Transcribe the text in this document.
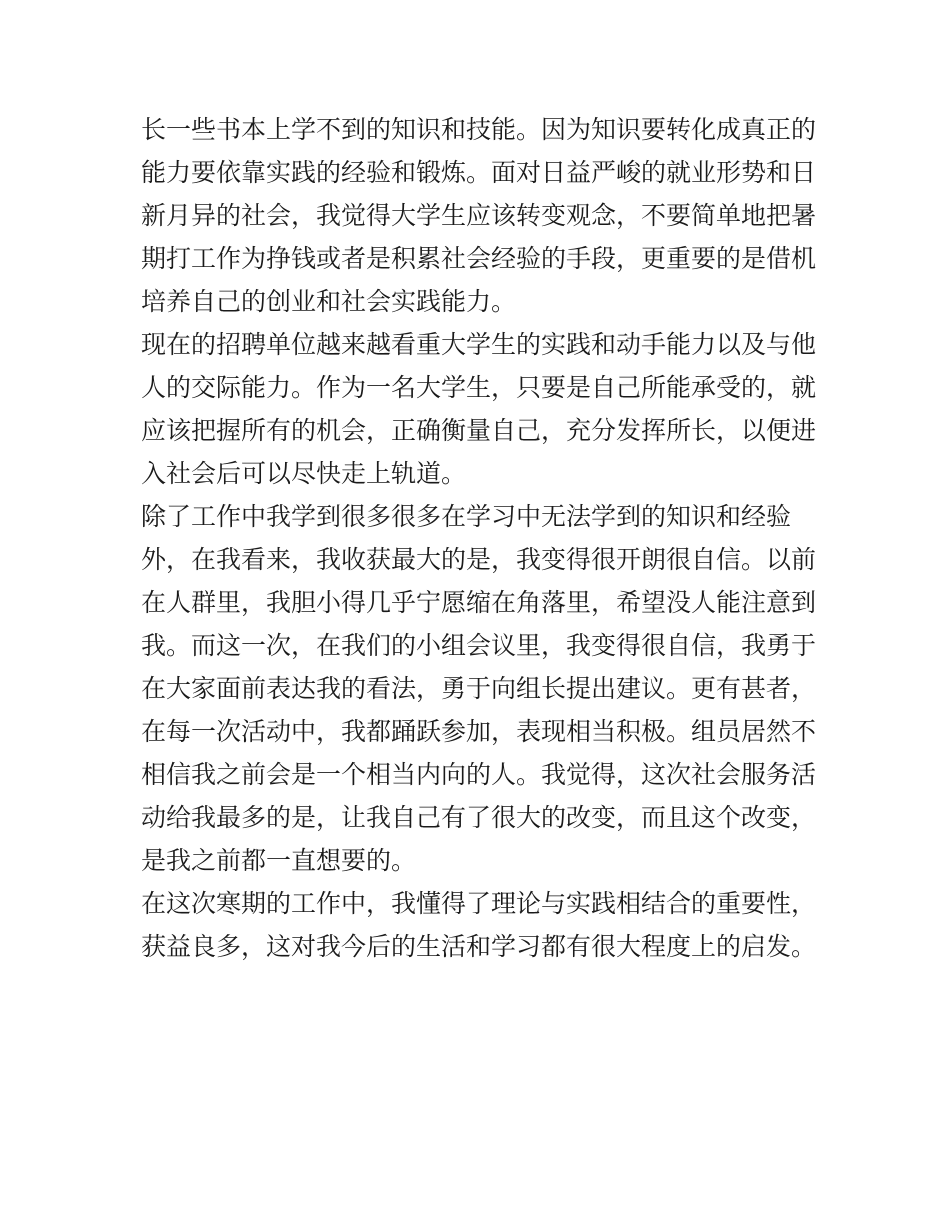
长一些书本上学不到的知识和技能。因为知识要转化成真正的
能力要依靠实践的经验和锻炼。面对日益严峻的就业形势和日
新月异的社会，我觉得大学生应该转变观念，不要简单地把暑
期打工作为挣钱或者是积累社会经验的手段，更重要的是借机
培养自己的创业和社会实践能力。
现在的招聘单位越来越看重大学生的实践和动手能力以及与他
人的交际能力。作为一名大学生，只要是自己所能承受的，就
应该把握所有的机会，正确衡量自己，充分发挥所长，以便进
入社会后可以尽快走上轨道。
除了工作中我学到很多很多在学习中无法学到的知识和经验
外，在我看来，我收获最大的是，我变得很开朗很自信。以前
在人群里，我胆小得几乎宁愿缩在角落里，希望没人能注意到
我。而这一次，在我们的小组会议里，我变得很自信，我勇于
在大家面前表达我的看法，勇于向组长提出建议。更有甚者，
在每一次活动中，我都踊跃参加，表现相当积极。组员居然不
相信我之前会是一个相当内向的人。我觉得，这次社会服务活
动给我最多的是，让我自己有了很大的改变，而且这个改变，
是我之前都一直想要的。
在这次寒期的工作中，我懂得了理论与实践相结合的重要性，
获益良多，这对我今后的生活和学习都有很大程度上的启发。
